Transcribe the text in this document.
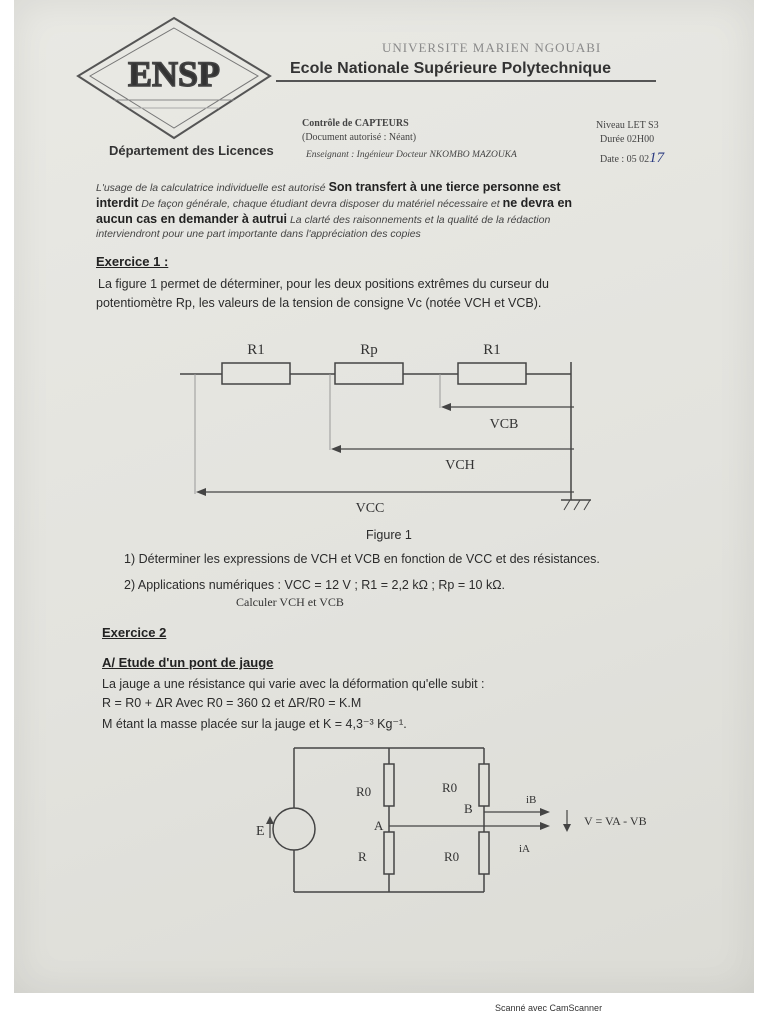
ENSP
UNIVERSITE MARIEN NGOUABI
Ecole Nationale Supérieure Polytechnique
Département des Licences
Contrôle de CAPTEURS
(Document autorisé : Néant)
Enseignant : Ingénieur Docteur NKOMBO MAZOUKA
Niveau LET S3
Durée 02H00
Date : 05 0217
L'usage de la calculatrice individuelle est autorisé Son transfert à une tierce personne est
interdit De façon générale, chaque étudiant devra disposer du matériel nécessaire et ne devra en
aucun cas en demander à autrui La clarté des raisonnements et la qualité de la rédaction
interviendront pour une part importante dans l'appréciation des copies
Exercice 1 :
La figure 1 permet de déterminer, pour les deux positions extrêmes du curseur du
potentiomètre Rp, les valeurs de la tension de consigne Vc (notée VCH et VCB).
R1	Rp	R1
VCB
VCH
VCC
Figure 1
1) Déterminer les expressions de VCH et VCB en fonction de VCC et des résistances.
2) Applications numériques : VCC = 12 V ; R1 = 2,2 kΩ ; Rp = 10 kΩ.
Calculer VCH et VCB
Exercice 2
A/ Etude d'un pont de jauge
La jauge a une résistance qui varie avec la déformation qu'elle subit :
R = R0 + ΔR Avec R0 = 360 Ω et ΔR/R0 = K.M
M étant la masse placée sur la jauge et K = 4,3⁻³ Kg⁻¹.
E
R0	R0
R	R0
A
B
iB
iA
V = VA - VB
Scanné avec CamScanner
